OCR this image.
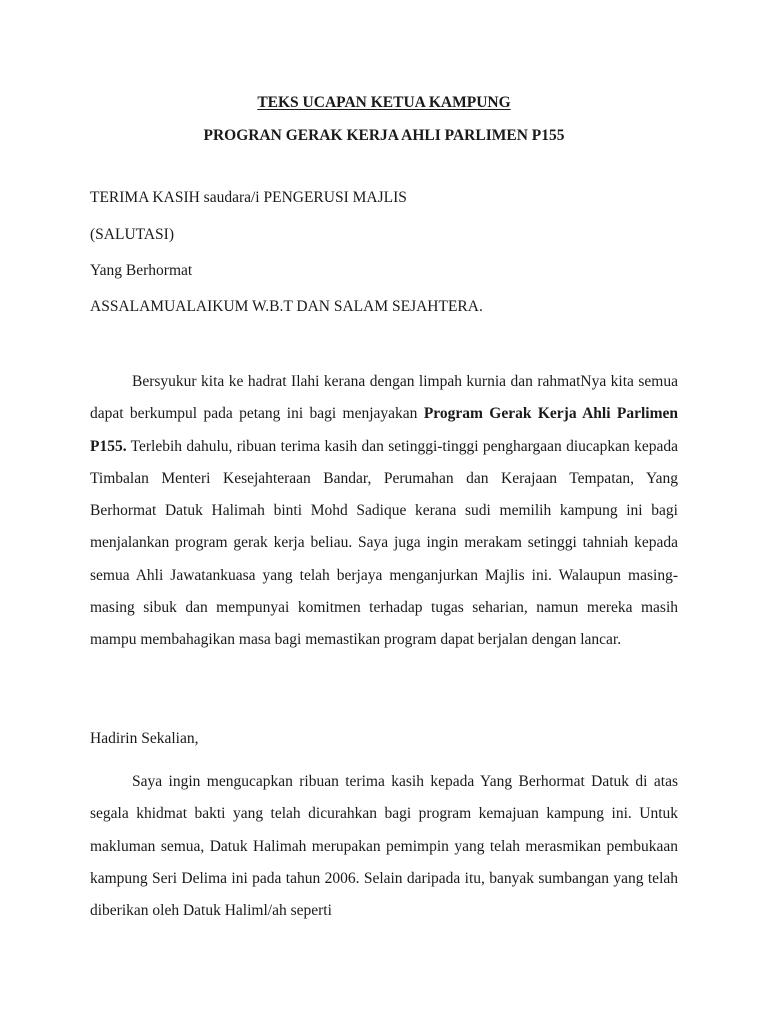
TEKS UCAPAN KETUA KAMPUNG
PROGRAN GERAK KERJA AHLI PARLIMEN P155
TERIMA KASIH saudara/i PENGERUSI MAJLIS
(SALUTASI)
Yang Berhormat
ASSALAMUALAIKUM W.B.T DAN SALAM SEJAHTERA.

Bersyukur kita ke hadrat Ilahi kerana dengan limpah kurnia dan rahmatNya kita semua dapat berkumpul pada petang ini bagi menjayakan Program Gerak Kerja Ahli Parlimen P155. Terlebih dahulu, ribuan terima kasih dan setinggi-tinggi penghargaan diucapkan kepada Timbalan Menteri Kesejahteraan Bandar, Perumahan dan Kerajaan Tempatan, Yang Berhormat Datuk Halimah binti Mohd Sadique kerana sudi memilih kampung ini bagi menjalankan program gerak kerja beliau. Saya juga ingin merakam setinggi tahniah kepada semua Ahli Jawatankuasa yang telah berjaya menganjurkan Majlis ini. Walaupun masing-masing sibuk dan mempunyai komitmen terhadap tugas seharian, namun mereka masih mampu membahagikan masa bagi memastikan program dapat berjalan dengan lancar.

Hadirin Sekalian,

Saya ingin mengucapkan ribuan terima kasih kepada Yang Berhormat Datuk di atas segala khidmat bakti yang telah dicurahkan bagi program kemajuan kampung ini. Untuk makluman semua, Datuk Halimah merupakan pemimpin yang telah merasmikan pembukaan kampung Seri Delima ini pada tahun 2006. Selain daripada itu, banyak sumbangan yang telah diberikan oleh Datuk Haliml/ah seperti
